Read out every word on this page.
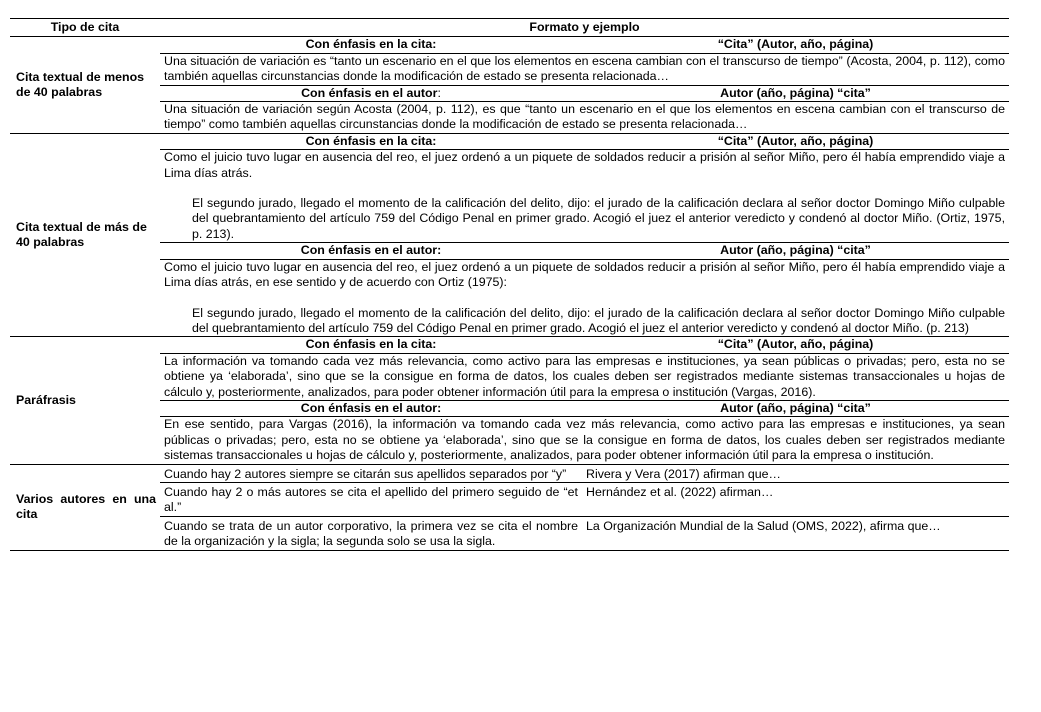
Tipo de cita	Formato y ejemplo	
Cita textual de menos de 40 palabras	Con énfasis en la cita:	“Cita” (Autor, año, página)
	Una situación de variación es “tanto un escenario en el que los elementos en escena cambian con el transcurso de tiempo” (Acosta, 2004, p. 112), como también aquellas circunstancias donde la modificación de estado se presenta relacionada…	
	Con énfasis en el autor:	Autor (año, página) “cita”
	Una situación de variación según Acosta (2004, p. 112), es que “tanto un escenario en el que los elementos en escena cambian con el transcurso de tiempo” como también aquellas circunstancias donde la modificación de estado se presenta relacionada…	
Cita textual de más de 40 palabras	Con énfasis en la cita:	“Cita” (Autor, año, página)

	Como el juicio tuvo lugar en ausencia del reo, el juez ordenó a un piquete de soldados reducir a prisión al señor Miño, pero él había emprendido viaje a Lima días atrás.

El segundo jurado, llegado el momento de la calificación del delito, dijo: el jurado de la calificación declara al señor doctor Domingo Miño culpable del quebrantamiento del artículo 759 del Código Penal en primer grado. Acogió el juez el anterior veredicto y condenó al doctor Miño. (Ortiz, 1975, p. 213).	

	Con énfasis en el autor:	Autor (año, página) “cita”

	Como el juicio tuvo lugar en ausencia del reo, el juez ordenó a un piquete de soldados reducir a prisión al señor Miño, pero él había emprendido viaje a Lima días atrás, en ese sentido y de acuerdo con Ortiz (1975):

El segundo jurado, llegado el momento de la calificación del delito, dijo: el jurado de la calificación declara al señor doctor Domingo Miño culpable del quebrantamiento del artículo 759 del Código Penal en primer grado. Acogió el juez el anterior veredicto y condenó al doctor Miño. (p. 213)	

Paráfrasis	Con énfasis en la cita:	“Cita” (Autor, año, página)
	La información va tomando cada vez más relevancia, como activo para las empresas e instituciones, ya sean públicas o privadas; pero, esta no se obtiene ya ‘elaborada’, sino que se la consigue en forma de datos, los cuales deben ser registrados mediante sistemas transaccionales u hojas de cálculo y, posteriormente, analizados, para poder obtener información útil para la empresa o institución (Vargas, 2016).	
	Con énfasis en el autor:	Autor (año, página) “cita”
	En ese sentido, para Vargas (2016), la información va tomando cada vez más relevancia, como activo para las empresas e instituciones, ya sean públicas o privadas; pero, esta no se obtiene ya ‘elaborada’, sino que se la consigue en forma de datos, los cuales deben ser registrados mediante sistemas transaccionales u hojas de cálculo y, posteriormente, analizados, para poder obtener información útil para la empresa o institución.	
Varios autores en una cita	Cuando hay 2 autores siempre se citarán sus apellidos separados por “y”	Rivera y Vera (2017) afirman que…
	Cuando hay 2 o más autores se cita el apellido del primero seguido de “et al.”	Hernández et al. (2022) afirman…
	Cuando se trata de un autor corporativo, la primera vez se cita el nombre de la organización y la sigla; la segunda solo se usa la sigla.	La Organización Mundial de la Salud (OMS, 2022), afirma que…
